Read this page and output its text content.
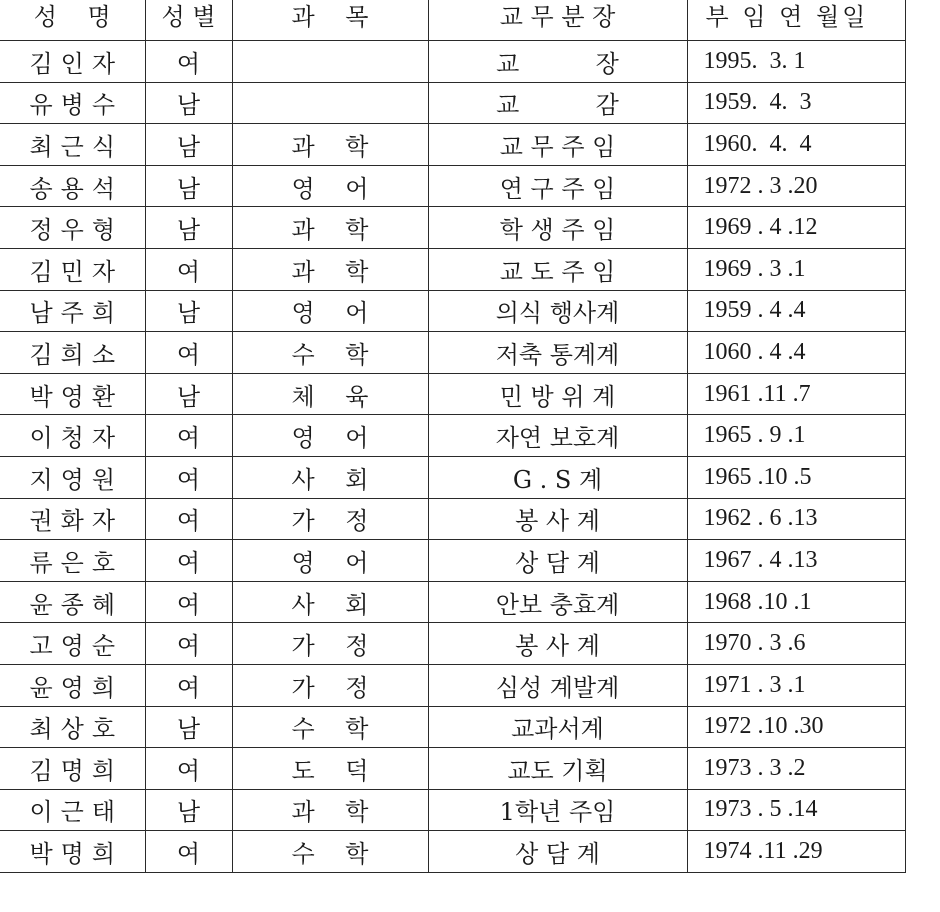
성    명	성 별	과    목	교 무 분 장	부 임 연 월일
김인자	여		교          장	1995.  3. 1
유병수	남		교          감	1959.  4.  3
최근식	남	과    학	교 무 주 임	1960.  4.  4
송용석	남	영    어	연 구 주 임	1972 . 3 .20
정우형	남	과    학	학 생 주 임	1969 . 4 .12
김민자	여	과    학	교 도 주 임	1969 . 3 .1
남주희	남	영    어	의식 행사계	1959 . 4 .4
김희소	여	수    학	저축 통계계	1060 . 4 .4
박영환	남	체    육	민 방 위 계	1961 .11 .7
이청자	여	영    어	자연 보호계	1965 . 9 .1
지영원	여	사    회	G . S 계	1965 .10 .5
권화자	여	가    정	봉 사 계	1962 . 6 .13
류은호	여	영    어	상 담 계	1967 . 4 .13
윤종혜	여	사    회	안보 충효계	1968 .10 .1
고영순	여	가    정	봉 사 계	1970 . 3 .6
윤영희	여	가    정	심성 계발계	1971 . 3 .1
최상호	남	수    학	교과서계	1972 .10 .30
김명희	여	도    덕	교도 기획	1973 . 3 .2
이근태	남	과    학	1학년 주임	1973 . 5 .14
박명희	여	수    학	상 담 계	1974 .11 .29
